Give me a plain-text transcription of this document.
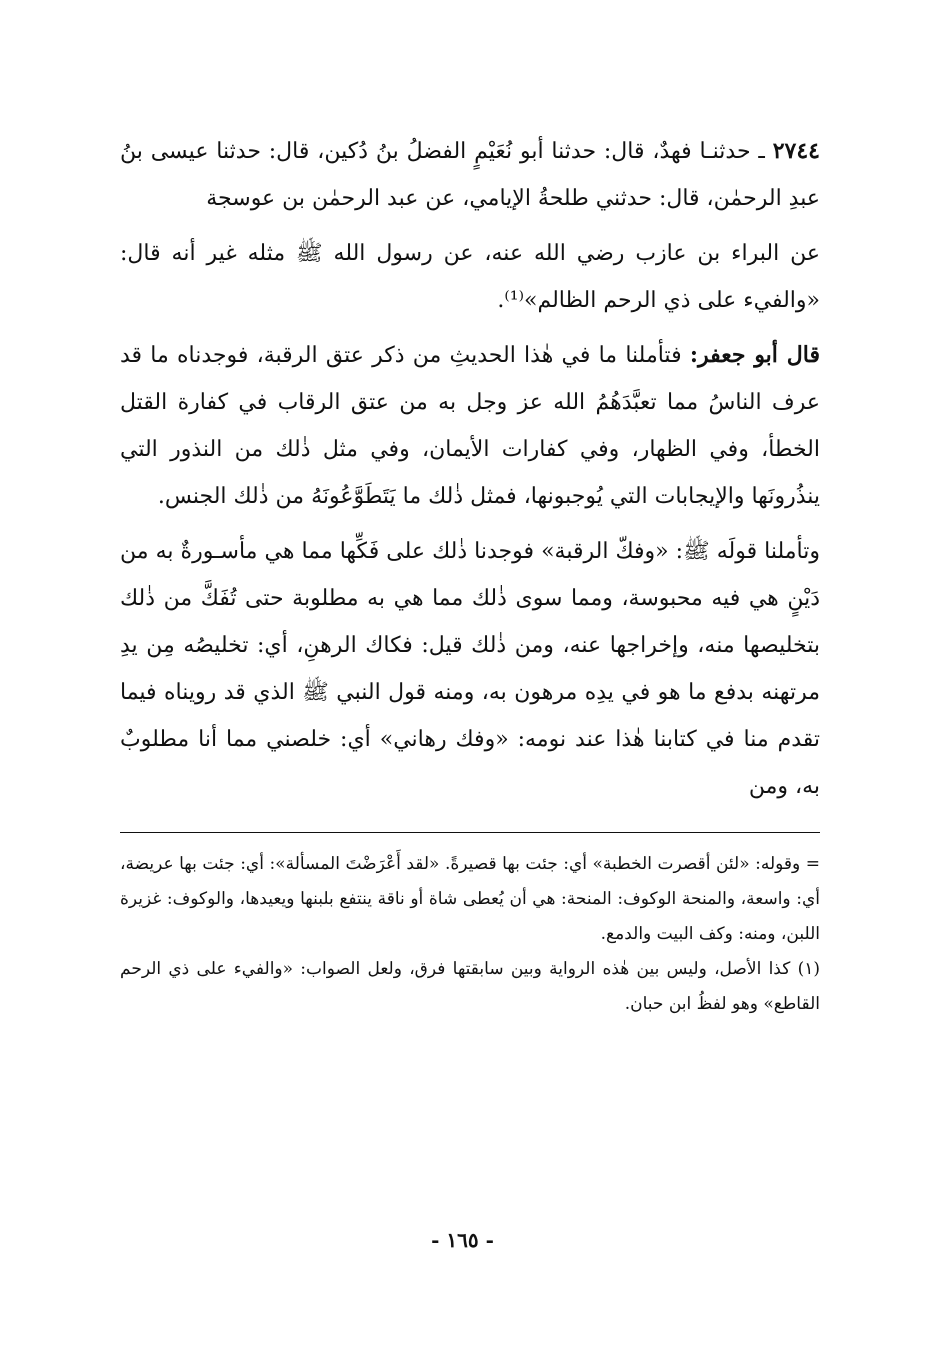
٢٧٤٤ ـ حدثنـا فهدٌ، قال: حدثنا أبو نُعَيْمٍ الفضلُ بنُ دُكين، قال: حدثنا عيسى بنُ عبدِ الرحمٰن، قال: حدثني طلحةُ الإيامي، عن عبد الرحمٰن بن عوسجة

عن البراء بن عازب رضي الله عنه، عن رسول الله ﷺ مثله غير أنه قال: «والفيء على ذي الرحم الظالم»⁽¹⁾.

قال أبو جعفر: فتأملنا ما في هٰذا الحديثِ من ذكر عتق الرقبة، فوجدناه ما قد عرف الناسُ مما تعبَّدَهُمُ الله عز وجل به من عتق الرقاب في كفارة القتل الخطأ، وفي الظهار، وفي كفارات الأيمان، وفي مثل ذٰلك من النذور التي ينذُرونَها والإيجابات التي يُوجبونها، فمثل ذٰلك ما يَتَطَوَّعُونَهُ من ذٰلك الجنس.

وتأملنا قولَه ﷺ: «وفكّ الرقبة» فوجدنا ذٰلك على فَكِّها مما هي مأسـورةٌ به من دَيْنٍ هي فيه محبوسة، ومما سوى ذٰلك مما هي به مطلوبة حتى تُفَكَّ من ذٰلك بتخليصها منه، وإخراجها عنه، ومن ذٰلك قيل: فكاك الرهنِ، أي: تخليصُه مِن يدِ مرتهنه بدفع ما هو في يدِه مرهون به، ومنه قول النبي ﷺ الذي قد رويناه فيما تقدم منا في كتابنا هٰذا عند نومه: «وفك رهاني» أي: خلصني مما أنا مطلوبٌ به، ومن

= وقوله: «لئن أقصرت الخطبة» أي: جئت بها قصيرةً. «لقد أَعْرَضْتَ المسألة»: أي: جئت بها عريضة، أي: واسعة، والمنحة الوكوف: المنحة: هي أن يُعطى شاة أو ناقة ينتفع بلبنها ويعيدها، والوكوف: غزيرة اللبن، ومنه: وكف البيت والدمع.

(١) كذا الأصل، وليس بين هٰذه الرواية وبين سابقتها فرق، ولعل الصواب: «والفيء على ذي الرحم القاطع» وهو لفظُ ابن حبان.

- ١٦٥ -
